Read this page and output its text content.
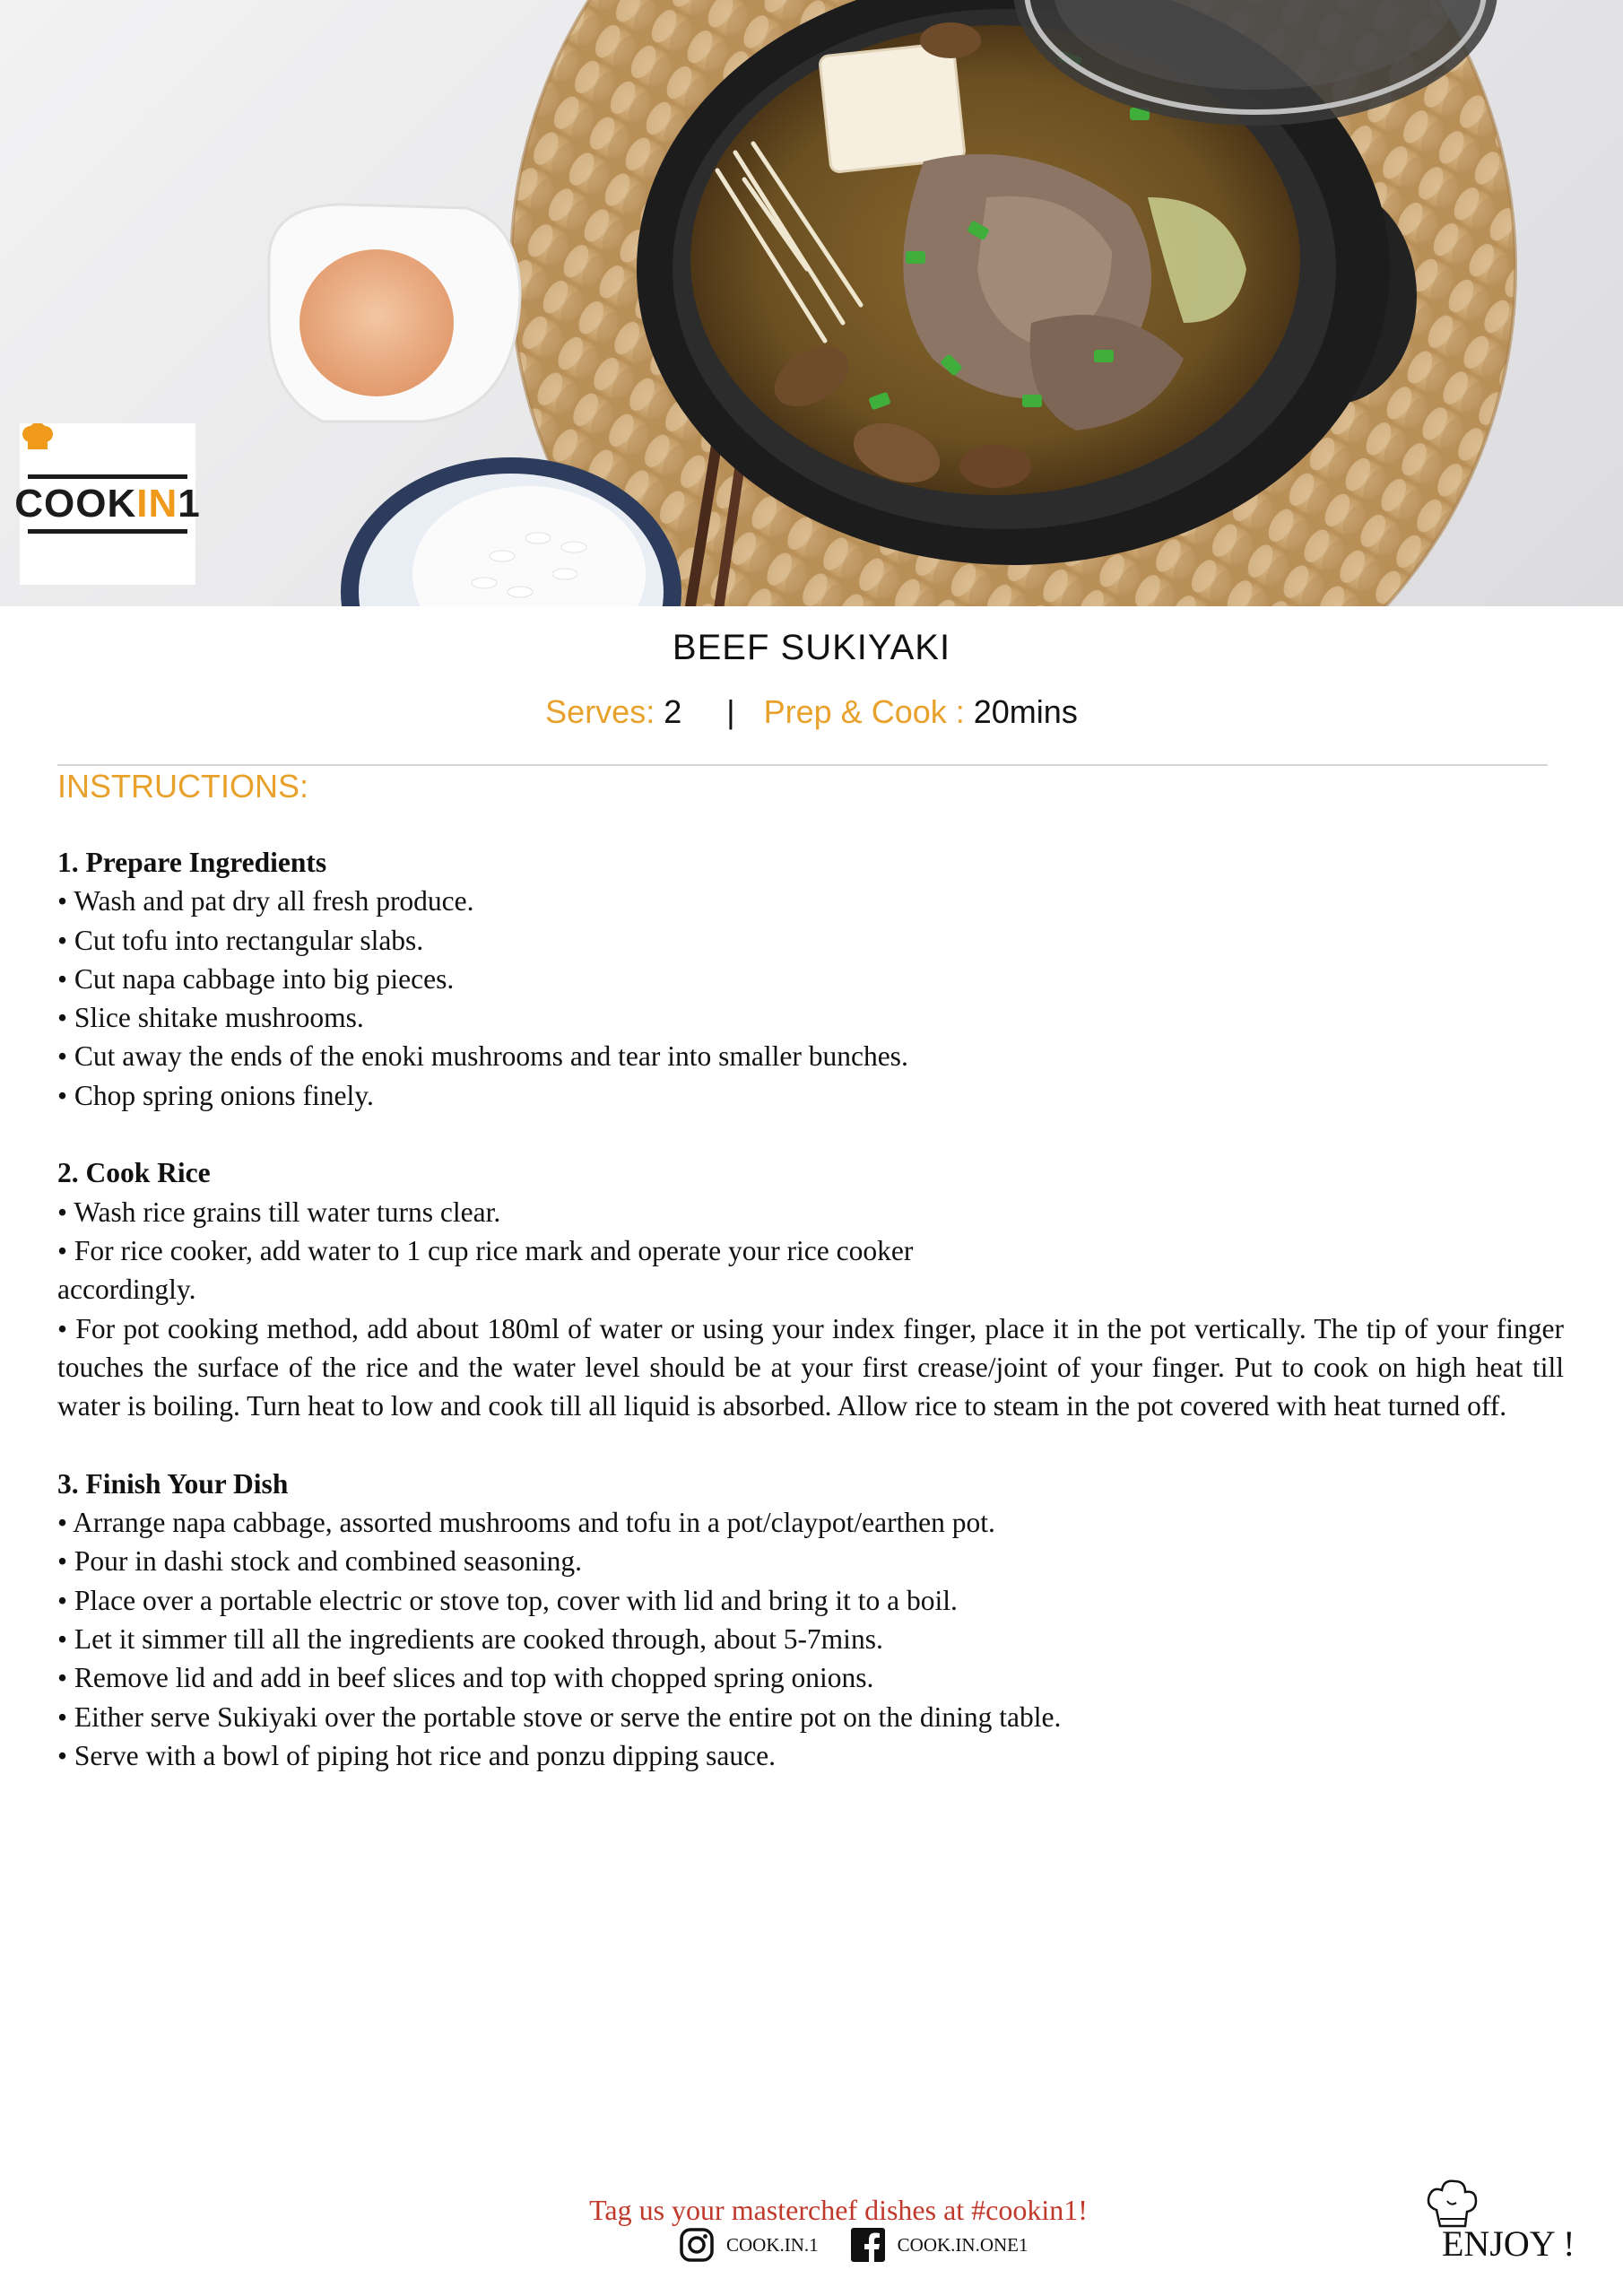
COOKIN1
BEEF SUKIYAKI
Serves: 2 | Prep & Cook : 20mins
INSTRUCTIONS:
1. Prepare Ingredients
• Wash and pat dry all fresh produce.
• Cut tofu into rectangular slabs.
• Cut napa cabbage into big pieces.
• Slice shitake mushrooms.
• Cut away the ends of the enoki mushrooms and tear into smaller bunches.
• Chop spring onions finely.
2. Cook Rice
• Wash rice grains till water turns clear.
• For rice cooker, add water to 1 cup rice mark and operate your rice cooker
accordingly.
• For pot cooking method, add about 180ml of water or using your index finger, place it in the pot vertically. The tip of your finger touches the surface of the rice and the water level should be at your first crease/joint of your finger. Put to cook on high heat till water is boiling. Turn heat to low and cook till all liquid is absorbed. Allow rice to steam in the pot covered with heat turned off.
3. Finish Your Dish
• Arrange napa cabbage, assorted mushrooms and tofu in a pot/claypot/earthen pot.
• Pour in dashi stock and combined seasoning.
• Place over a portable electric or stove top, cover with lid and bring it to a boil.
• Let it simmer till all the ingredients are cooked through, about 5-7mins.
• Remove lid and add in beef slices and top with chopped spring onions.
• Either serve Sukiyaki over the portable stove or serve the entire pot on the dining table.
• Serve with a bowl of piping hot rice and ponzu dipping sauce.
Tag us your masterchef dishes at #cookin1!
COOK.IN.1	COOK.IN.ONE1	ENJOY !
